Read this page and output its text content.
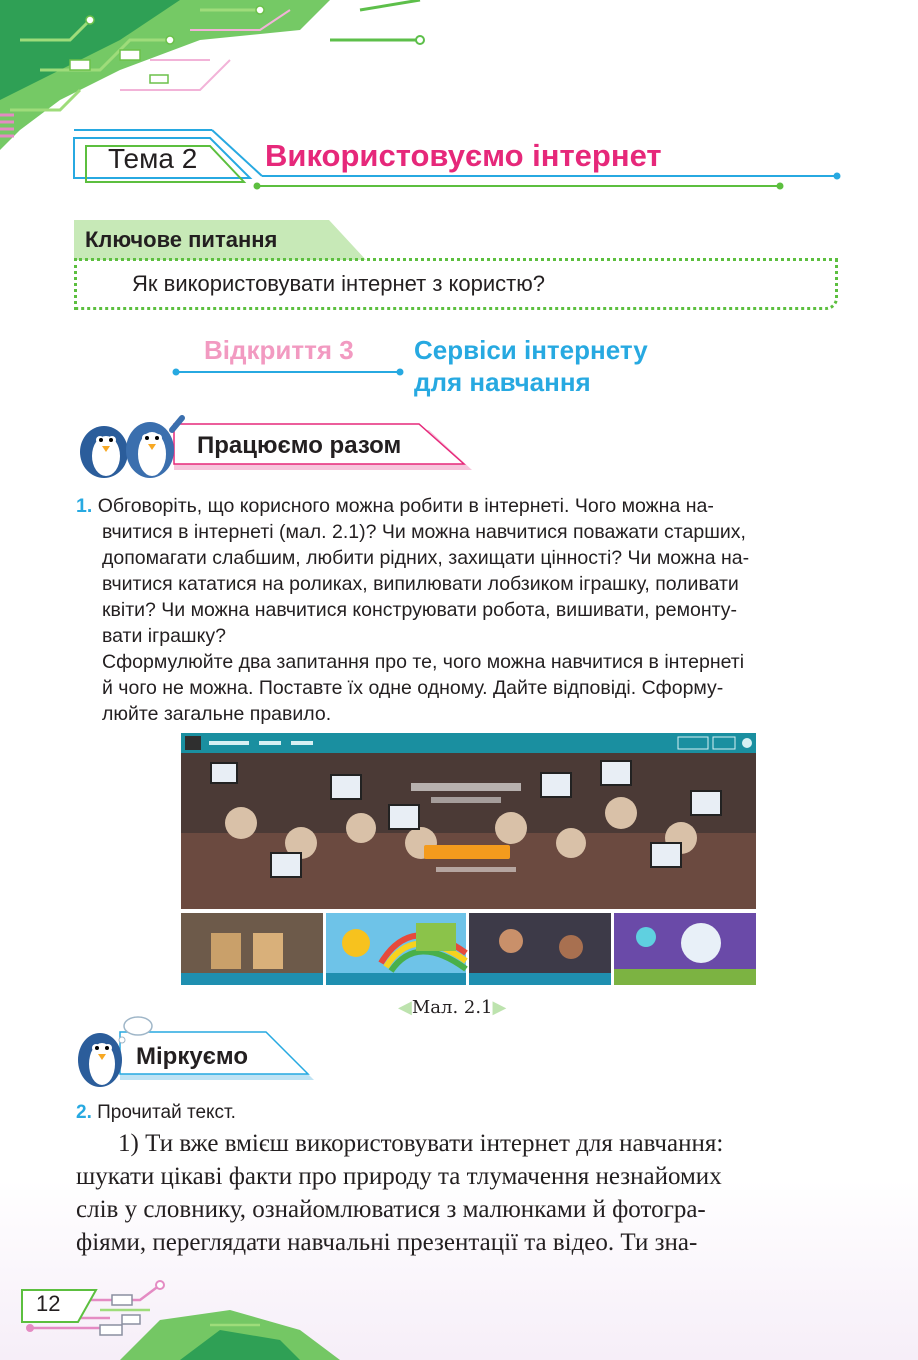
Тема 2 Використовуємо інтернет
Ключове питання
Як використовувати інтернет з користю?
Відкриття 3 Сервіси інтернету
для навчання
Працюємо разом
1. Обговоріть, що корисного можна робити в інтернеті. Чого можна на-
вчитися в інтернеті (мал. 2.1)? Чи можна навчитися поважати старших,
допомагати слабшим, любити рідних, захищати цінності? Чи можна на-
вчитися кататися на роликах, випилювати лобзиком іграшку, поливати
квіти? Чи можна навчитися конструювати робота, вишивати, ремонту-
вати іграшку?
Сформулюйте два запитання про те, чого можна навчитися в інтернеті
й чого не можна. Поставте їх одне одному. Дайте відповіді. Сформу-
люйте загальне правило.
◀Мал. 2.1▶
Міркуємо
2. Прочитай текст.
1) Ти вже вмієш використовувати інтернет для навчання:
шукати цікаві факти про природу та тлумачення незнайомих
слів у словнику, ознайомлюватися з малюнками й фотогра-
фіями, переглядати навчальні презентації та відео. Ти зна-
12
